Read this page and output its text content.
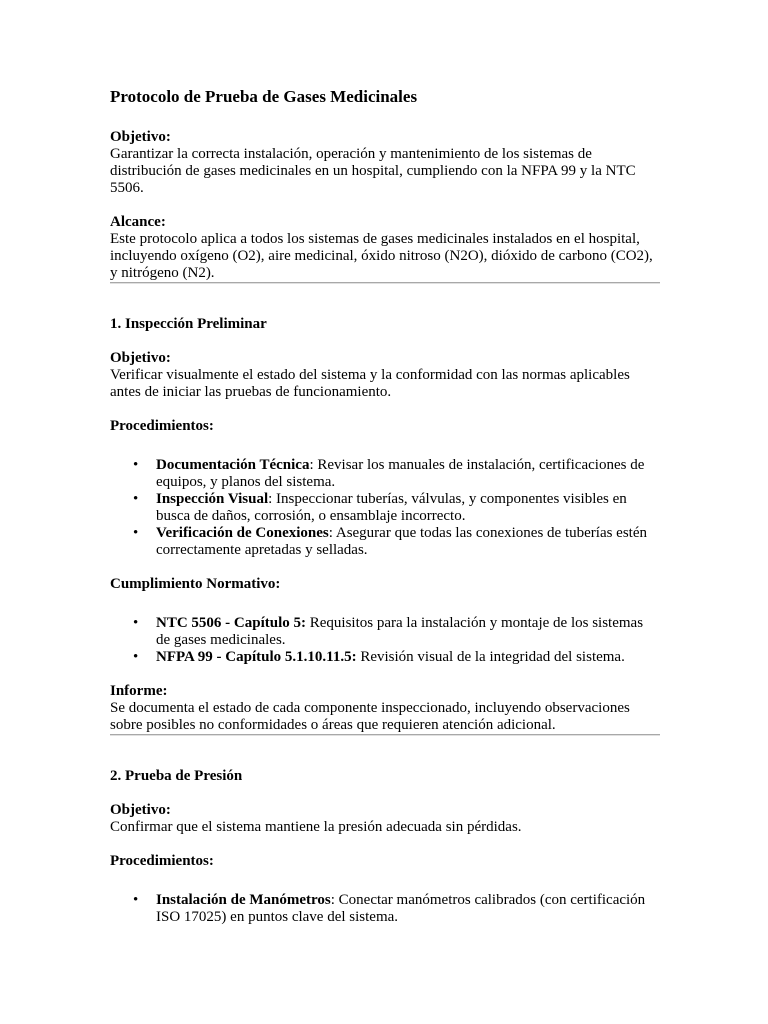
Protocolo de Prueba de Gases Medicinales
Objetivo:

Garantizar la correcta instalación, operación y mantenimiento de los sistemas de distribución de gases medicinales en un hospital, cumpliendo con la NFPA 99 y la NTC 5506.

Alcance:

Este protocolo aplica a todos los sistemas de gases medicinales instalados en el hospital, incluyendo oxígeno (O2), aire medicinal, óxido nitroso (N2O), dióxido de carbono (CO2), y nitrógeno (N2).

1. Inspección Preliminar
Objetivo:

Verificar visualmente el estado del sistema y la conformidad con las normas aplicables antes de iniciar las pruebas de funcionamiento.

Procedimientos:
• Documentación Técnica: Revisar los manuales de instalación, certificaciones de equipos, y planos del sistema.
• Inspección Visual: Inspeccionar tuberías, válvulas, y componentes visibles en busca de daños, corrosión, o ensamblaje incorrecto.
• Verificación de Conexiones: Asegurar que todas las conexiones de tuberías estén correctamente apretadas y selladas.
Cumplimiento Normativo:
• NTC 5506 - Capítulo 5: Requisitos para la instalación y montaje de los sistemas de gases medicinales.
• NFPA 99 - Capítulo 5.1.10.11.5: Revisión visual de la integridad del sistema.
Informe:

Se documenta el estado de cada componente inspeccionado, incluyendo observaciones sobre posibles no conformidades o áreas que requieren atención adicional.

2. Prueba de Presión
Objetivo:

Confirmar que el sistema mantiene la presión adecuada sin pérdidas.

Procedimientos:
• Instalación de Manómetros: Conectar manómetros calibrados (con certificación ISO 17025) en puntos clave del sistema.
